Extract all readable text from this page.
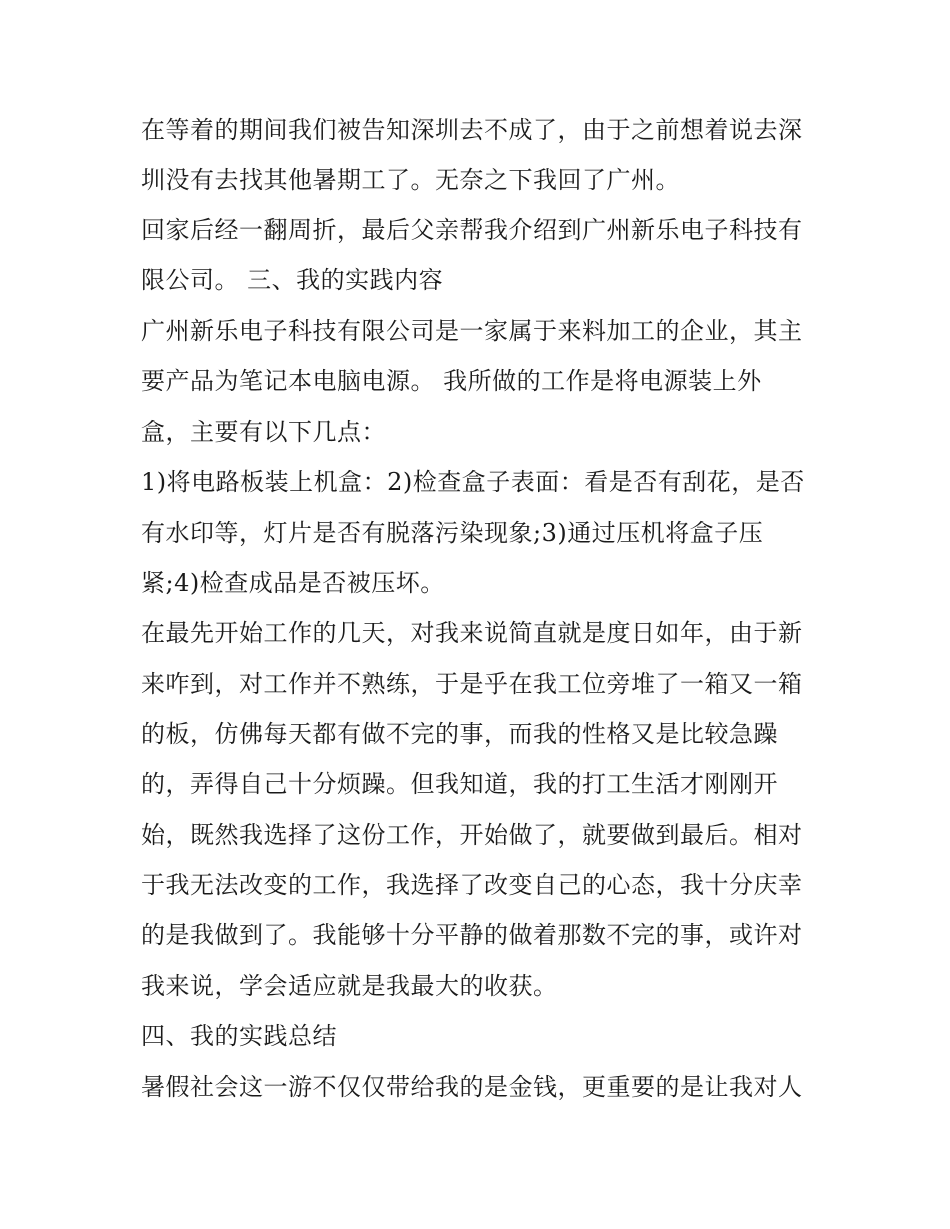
在等着的期间我们被告知深圳去不成了，由于之前想着说去深
圳没有去找其他暑期工了。无奈之下我回了广州。
回家后经一翻周折，最后父亲帮我介绍到广州新乐电子科技有
限公司。 三、我的实践内容
广州新乐电子科技有限公司是一家属于来料加工的企业，其主
要产品为笔记本电脑电源。 我所做的工作是将电源装上外
盒，主要有以下几点：
1)将电路板装上机盒：2)检查盒子表面：看是否有刮花，是否
有水印等，灯片是否有脱落污染现象;3)通过压机将盒子压
紧;4)检查成品是否被压坏。
在最先开始工作的几天，对我来说简直就是度日如年，由于新
来咋到，对工作并不熟练，于是乎在我工位旁堆了一箱又一箱
的板，仿佛每天都有做不完的事，而我的性格又是比较急躁
的，弄得自己十分烦躁。但我知道，我的打工生活才刚刚开
始，既然我选择了这份工作，开始做了，就要做到最后。相对
于我无法改变的工作，我选择了改变自己的心态，我十分庆幸
的是我做到了。我能够十分平静的做着那数不完的事，或许对
我来说，学会适应就是我最大的收获。
四、我的实践总结
暑假社会这一游不仅仅带给我的是金钱，更重要的是让我对人
